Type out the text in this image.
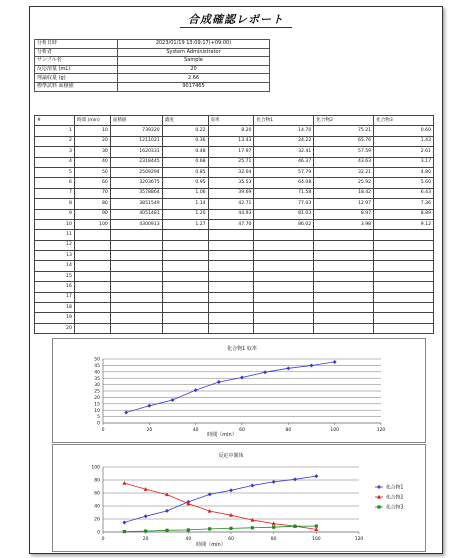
合成確認レポート
分析日時	2023/01/19 13:09:17(+09:00)
分析者	System Administrator
サンプル名	Sample
反応溶量 (mL)	20
理論収量 (g)	2.66
標準試料 面積値	9017465
#	時間 (min)	面積値	濃度	収率	化合物1	化合物2	化合物3
1	10	739320	0.22	8.20	14.70	75.21	0.60
2	20	1211021	0.36	13.43	24.22	65.76	1.43
3	30	1620331	0.48	17.97	32.41	57.59	2.61
4	40	2318445	0.68	25.71	46.37	43.63	3.17
5	50	2509294	0.85	32.04	57.79	32.21	4.80
6	60	3203675	0.95	35.53	64.08	25.92	5.60
7	70	3578864	1.06	39.69	71.58	18.42	6.43
8	80	3851549	1.14	42.71	77.03	12.97	7.36
9	90	4051481	1.20	44.93	81.03	8.97	8.89
10	100	4300913	1.27	47.70	86.02	3.98	9.12
11							
12							
13							
14							
15							
16							
17							
18							
19							
20							
化合物1 収率
0
5
10
15
20
25
30
35
40
45
50
0	20	40	60	80	100	120
時間（min）
反応中間体
0
20
40
60
80
100
0	20	40	60	80	100	120
時間（min）
化合物1
化合物2
化合物3
